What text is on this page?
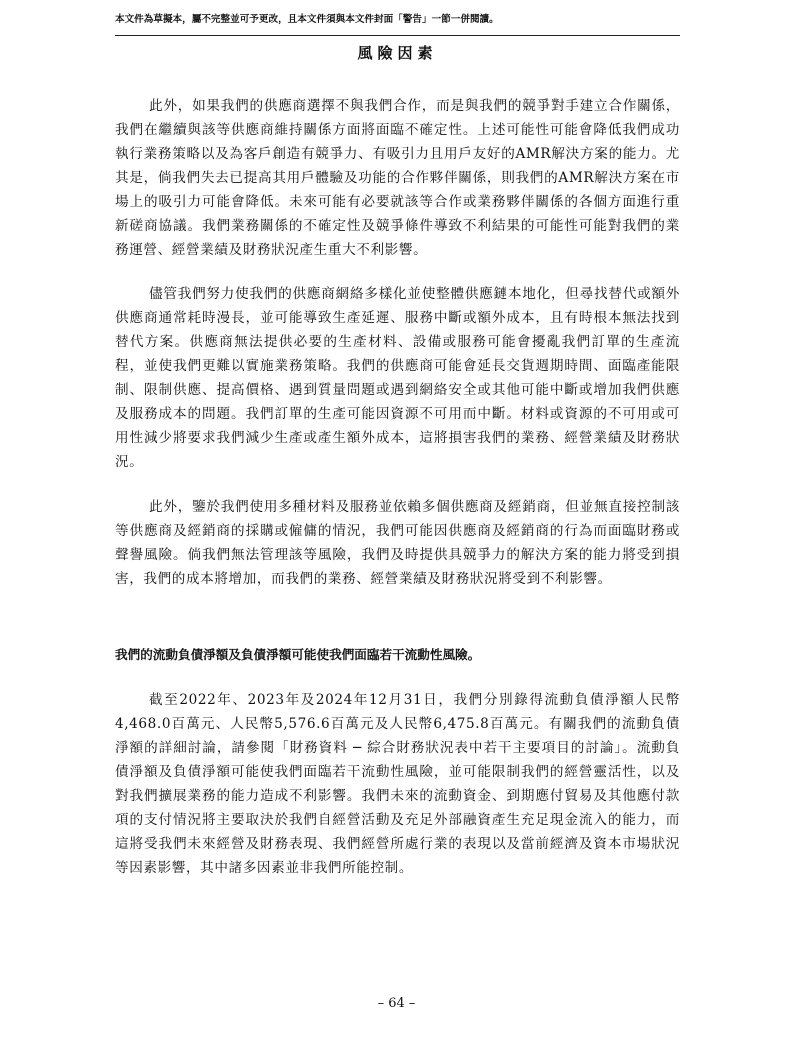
本文件為草擬本，屬不完整並可予更改，且本文件須與本文件封面「警告」一節一併閱讀。
風險因素

此外，如果我們的供應商選擇不與我們合作，而是與我們的競爭對手建立合作關係，我們在繼續與該等供應商維持關係方面將面臨不確定性。上述可能性可能會降低我們成功執行業務策略以及為客戶創造有競爭力、有吸引力且用戶友好的AMR解決方案的能力。尤其是，倘我們失去已提高其用戶體驗及功能的合作夥伴關係，則我們的AMR解決方案在市場上的吸引力可能會降低。未來可能有必要就該等合作或業務夥伴關係的各個方面進行重新磋商協議。我們業務關係的不確定性及競爭條件導致不利結果的可能性可能對我們的業務運營、經營業績及財務狀況產生重大不利影響。

儘管我們努力使我們的供應商網絡多樣化並使整體供應鏈本地化，但尋找替代或額外供應商通常耗時漫長，並可能導致生產延遲、服務中斷或額外成本，且有時根本無法找到替代方案。供應商無法提供必要的生產材料、設備或服務可能會擾亂我們訂單的生產流程，並使我們更難以實施業務策略。我們的供應商可能會延長交貨週期時間、面臨產能限制、限制供應、提高價格、遇到質量問題或遇到網絡安全或其他可能中斷或增加我們供應及服務成本的問題。我們訂單的生產可能因資源不可用而中斷。材料或資源的不可用或可用性減少將要求我們減少生產或產生額外成本，這將損害我們的業務、經營業績及財務狀況。

此外，鑒於我們使用多種材料及服務並依賴多個供應商及經銷商，但並無直接控制該等供應商及經銷商的採購或僱傭的情況，我們可能因供應商及經銷商的行為而面臨財務或聲譽風險。倘我們無法管理該等風險，我們及時提供具競爭力的解決方案的能力將受到損害，我們的成本將增加，而我們的業務、經營業績及財務狀況將受到不利影響。

我們的流動負債淨額及負債淨額可能使我們面臨若干流動性風險。

截至2022年、2023年及2024年12月31日，我們分別錄得流動負債淨額人民幣4,468.0百萬元、人民幣5,576.6百萬元及人民幣6,475.8百萬元。有關我們的流動負債淨額的詳細討論，請參閱「財務資料 ─ 綜合財務狀況表中若干主要項目的討論」。流動負債淨額及負債淨額可能使我們面臨若干流動性風險，並可能限制我們的經營靈活性，以及對我們擴展業務的能力造成不利影響。我們未來的流動資金、到期應付貿易及其他應付款項的支付情況將主要取決於我們自經營活動及充足外部融資產生充足現金流入的能力，而這將受我們未來經營及財務表現、我們經營所處行業的表現以及當前經濟及資本市場狀況等因素影響，其中諸多因素並非我們所能控制。

– 64 –
